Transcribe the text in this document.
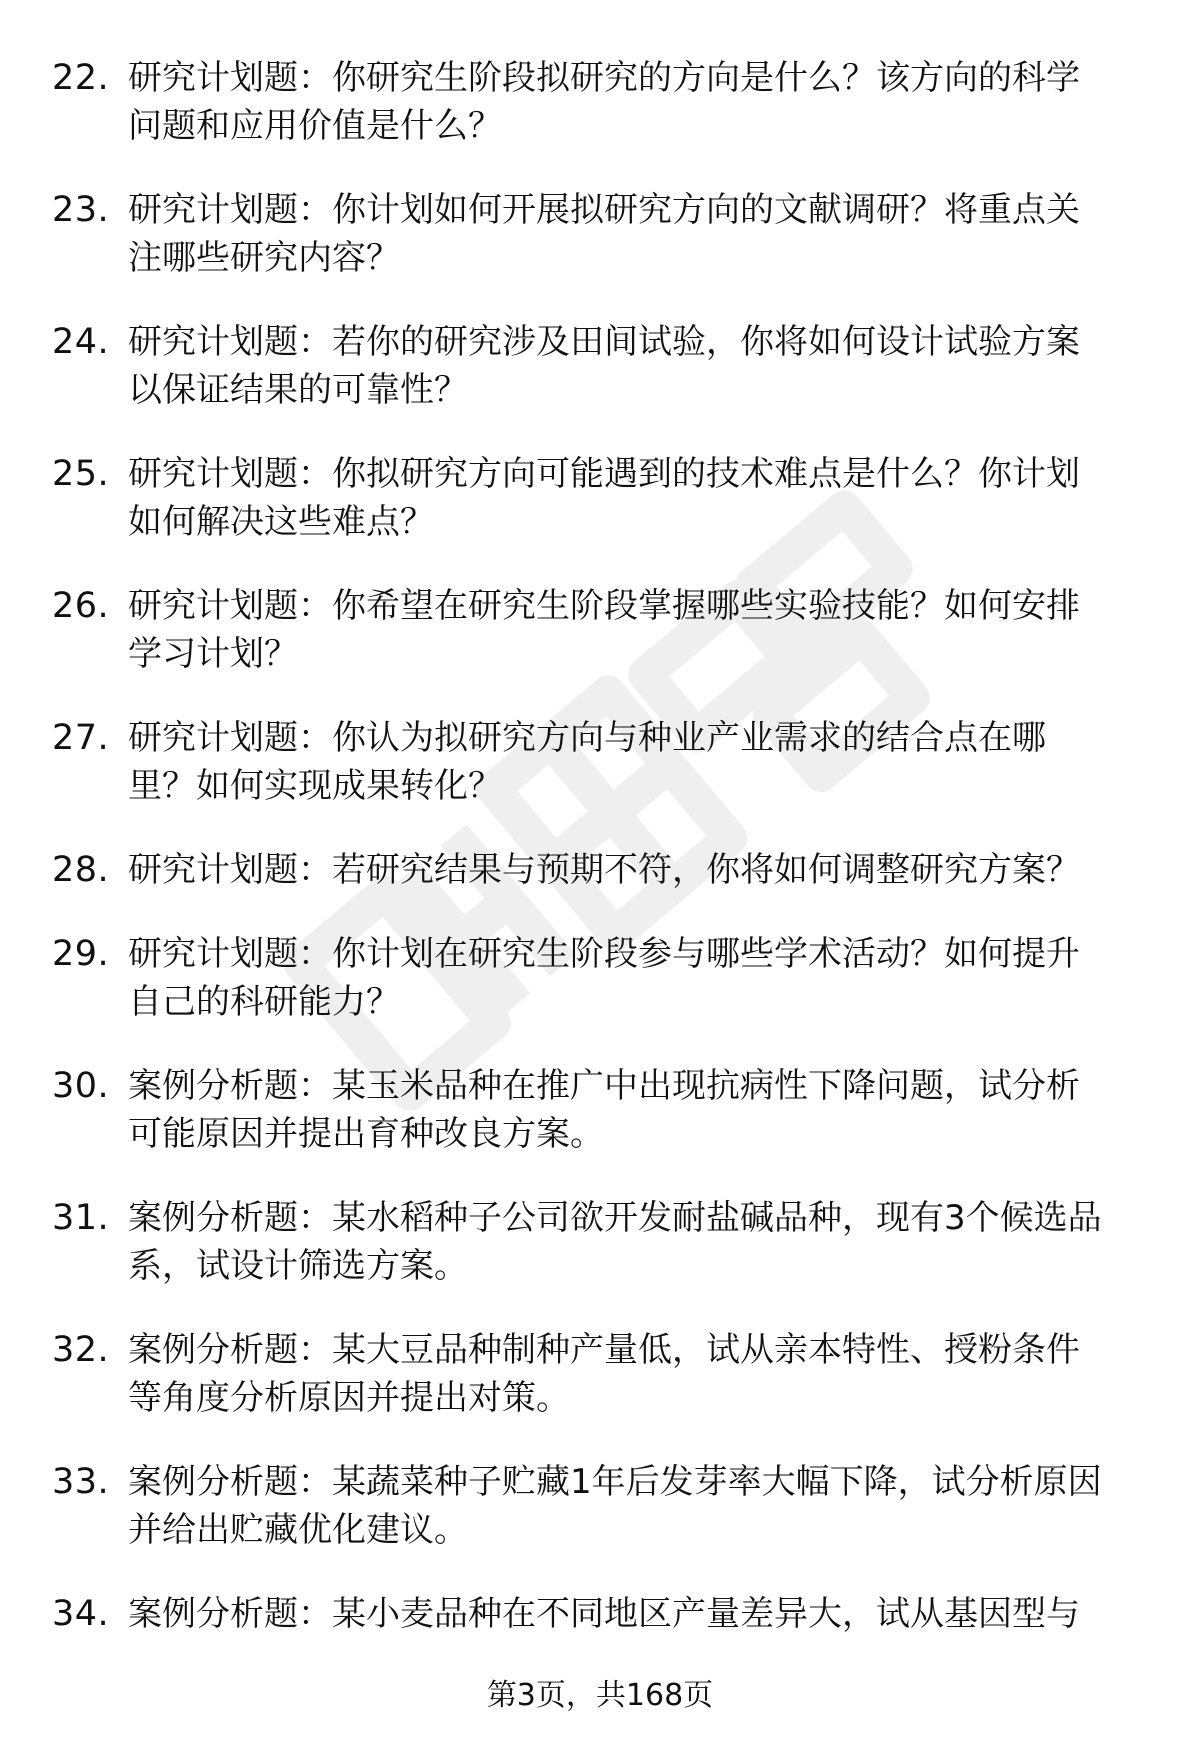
22. 研究计划题：你研究生阶段拟研究的方向是什么？该方向的科学
问题和应用价值是什么？
23. 研究计划题：你计划如何开展拟研究方向的文献调研？将重点关
注哪些研究内容？
24. 研究计划题：若你的研究涉及田间试验，你将如何设计试验方案
以保证结果的可靠性？
25. 研究计划题：你拟研究方向可能遇到的技术难点是什么？你计划
如何解决这些难点？
26. 研究计划题：你希望在研究生阶段掌握哪些实验技能？如何安排
学习计划？
27. 研究计划题：你认为拟研究方向与种业产业需求的结合点在哪
里？如何实现成果转化？
28. 研究计划题：若研究结果与预期不符，你将如何调整研究方案？
29. 研究计划题：你计划在研究生阶段参与哪些学术活动？如何提升
自己的科研能力？
30. 案例分析题：某玉米品种在推广中出现抗病性下降问题，试分析
可能原因并提出育种改良方案。
31. 案例分析题：某水稻种子公司欲开发耐盐碱品种，现有3个候选品
系，试设计筛选方案。
32. 案例分析题：某大豆品种制种产量低，试从亲本特性、授粉条件
等角度分析原因并提出对策。
33. 案例分析题：某蔬菜种子贮藏1年后发芽率大幅下降，试分析原因
并给出贮藏优化建议。
34. 案例分析题：某小麦品种在不同地区产量差异大，试从基因型与
第3页，共168页
